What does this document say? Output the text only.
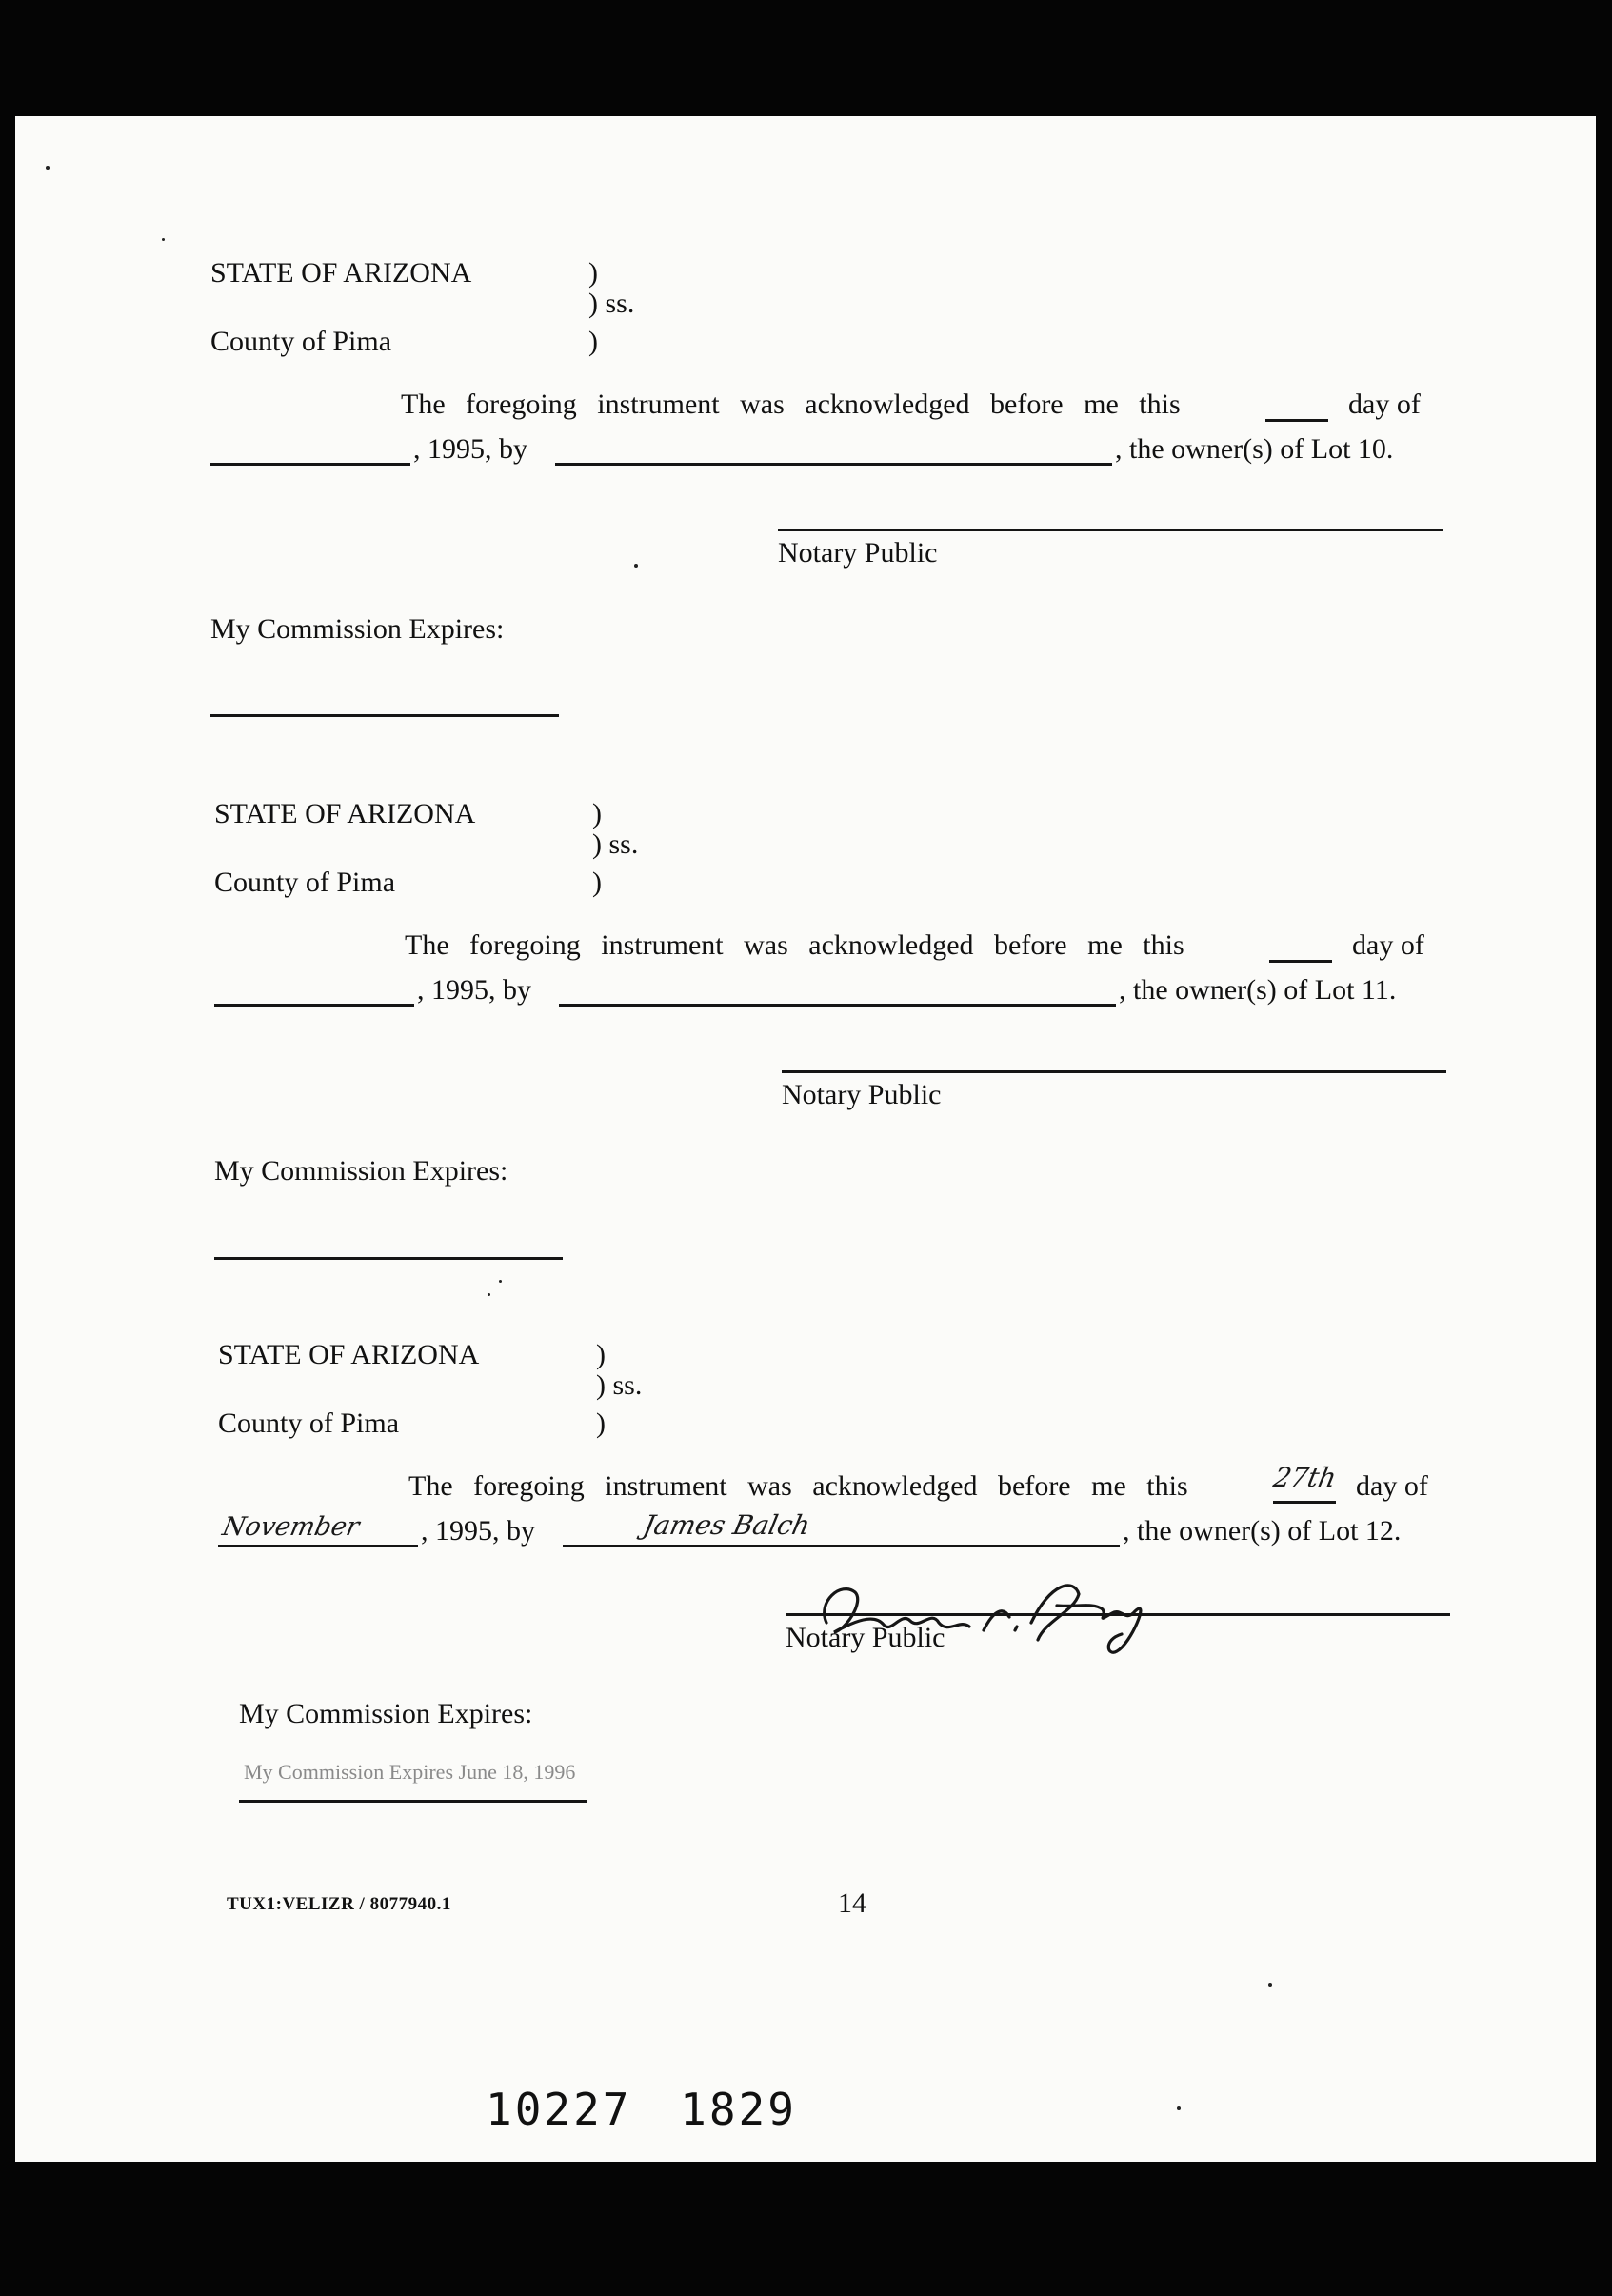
STATE OF ARIZONA	)
) ss.
County of Pima	)
The foregoing instrument was acknowledged before me this	day of
, 1995, by	, the owner(s) of Lot 10.
Notary Public
My Commission Expires:
STATE OF ARIZONA	)
) ss.
County of Pima	)
The foregoing instrument was acknowledged before me this	day of
, 1995, by	, the owner(s) of Lot 11.
Notary Public
My Commission Expires:
STATE OF ARIZONA	)
) ss.
County of Pima	)
The foregoing instrument was acknowledged before me this	27th day of
November , 1995, by	James Balch	, the owner(s) of Lot 12.
Notary Public
My Commission Expires:
My Commission Expires June 18, 1996
TUX1:VELIZR / 8077940.1	14
10227 1829
